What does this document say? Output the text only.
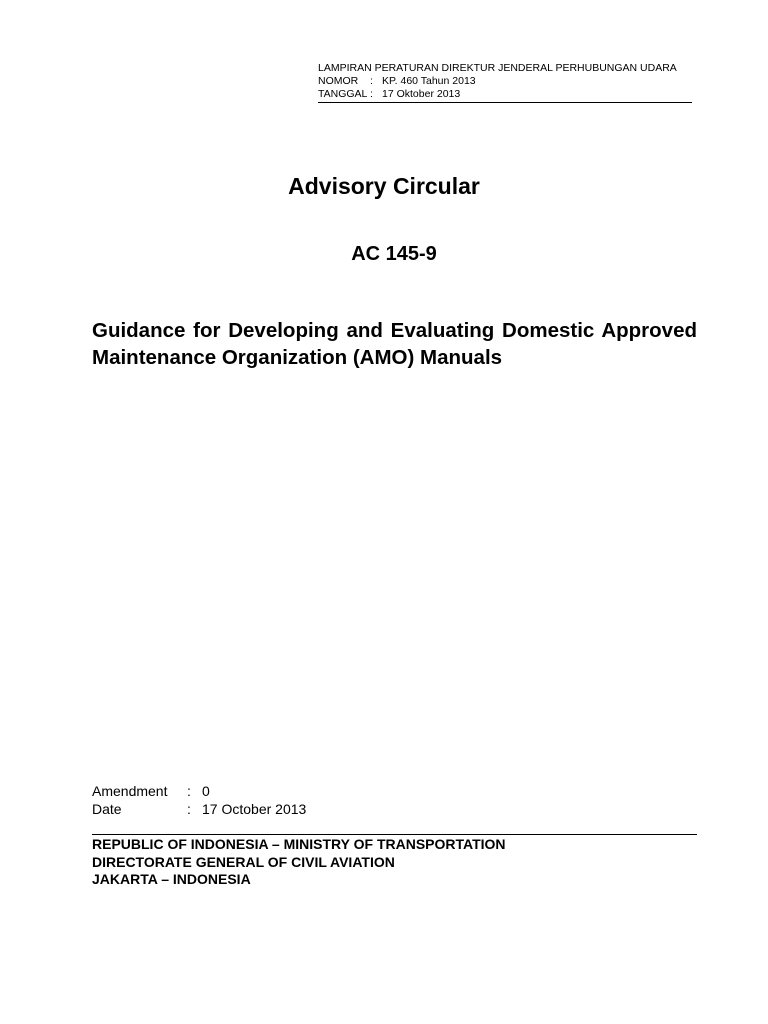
LAMPIRAN PERATURAN DIREKTUR JENDERAL PERHUBUNGAN UDARA
NOMOR	: KP. 460 Tahun 2013
TANGGAL : 17 Oktober 2013
Advisory Circular
AC 145-9
Guidance for Developing and Evaluating Domestic Approved Maintenance Organization (AMO) Manuals
Amendment	: 0
Date	: 17 October 2013
REPUBLIC OF INDONESIA – MINISTRY OF TRANSPORTATION
DIRECTORATE GENERAL OF CIVIL AVIATION
JAKARTA – INDONESIA
